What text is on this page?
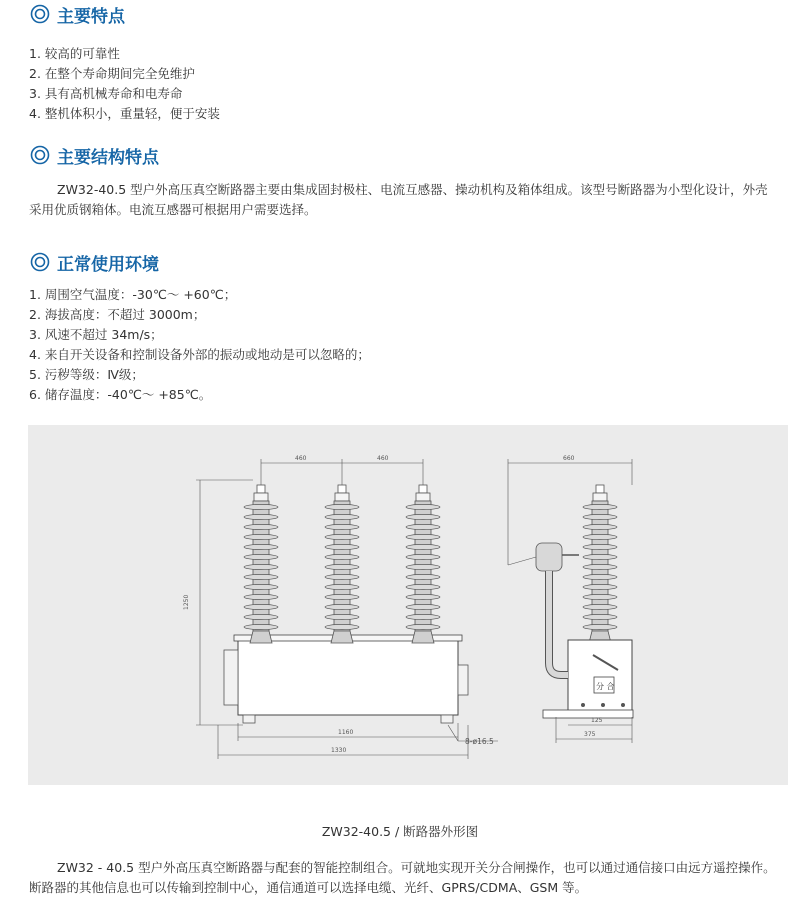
主要特点
1. 较高的可靠性
2. 在整个寿命期间完全免维护
3. 具有高机械寿命和电寿命
4. 整机体积小，重量轻，便于安装
主要结构特点

ZW32-40.5 型户外高压真空断路器主要由集成固封极柱、电流互感器、操动机构及箱体组成。该型号断路器为小型化设计，外壳采用优质钢箱体。电流互感器可根据用户需要选择。

正常使用环境
1. 周围空气温度：-30℃～ +60℃；
2. 海拔高度：不超过 3000m；
3. 风速不超过 34m/s；
4. 来自开关设备和控制设备外部的振动或地动是可以忽略的；
5. 污秽等级：Ⅳ级；
6. 储存温度：-40℃～ +85℃。
460	460
1250
1160
1330
8-ø16.5
分 合
660
125
375
ZW32-40.5 / 断路器外形图

ZW32 - 40.5 型户外高压真空断路器与配套的智能控制组合。可就地实现开关分合闸操作，也可以通过通信接口由远方遥控操作。断路器的其他信息也可以传输到控制中心，通信通道可以选择电缆、光纤、GPRS/CDMA、GSM 等。
